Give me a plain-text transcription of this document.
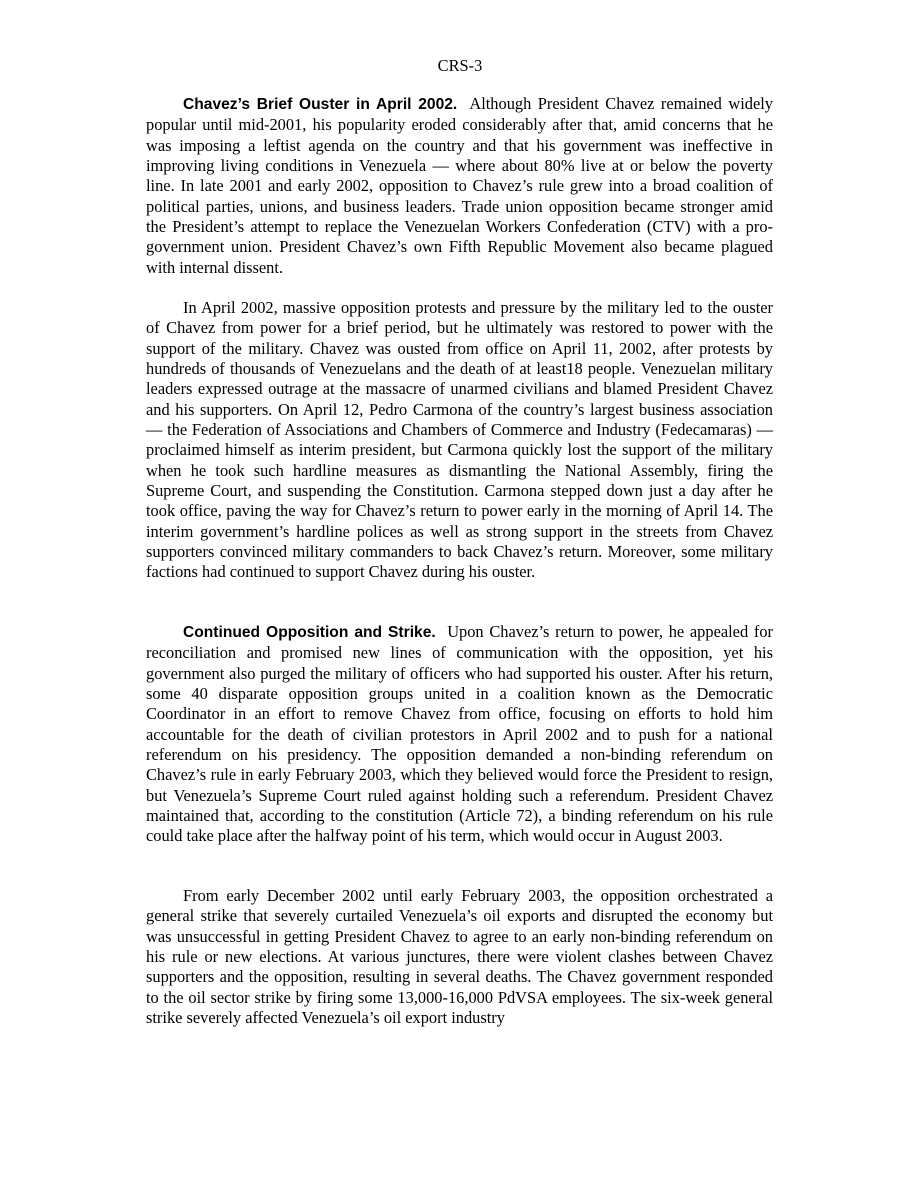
CRS-3

Chavez’s Brief Ouster in April 2002. Although President Chavez remained widely popular until mid-2001, his popularity eroded considerably after that, amid concerns that he was imposing a leftist agenda on the country and that his government was ineffective in improving living conditions in Venezuela — where about 80% live at or below the poverty line. In late 2001 and early 2002, opposition to Chavez’s rule grew into a broad coalition of political parties, unions, and business leaders. Trade union opposition became stronger amid the President’s attempt to replace the Venezuelan Workers Confederation (CTV) with a pro-government union. President Chavez’s own Fifth Republic Movement also became plagued with internal dissent.

In April 2002, massive opposition protests and pressure by the military led to the ouster of Chavez from power for a brief period, but he ultimately was restored to power with the support of the military. Chavez was ousted from office on April 11, 2002, after protests by hundreds of thousands of Venezuelans and the death of at least18 people. Venezuelan military leaders expressed outrage at the massacre of unarmed civilians and blamed President Chavez and his supporters. On April 12, Pedro Carmona of the country’s largest business association — the Federation of Associations and Chambers of Commerce and Industry (Fedecamaras) — proclaimed himself as interim president, but Carmona quickly lost the support of the military when he took such hardline measures as dismantling the National Assembly, firing the Supreme Court, and suspending the Constitution. Carmona stepped down just a day after he took office, paving the way for Chavez’s return to power early in the morning of April 14. The interim government’s hardline polices as well as strong support in the streets from Chavez supporters convinced military commanders to back Chavez’s return. Moreover, some military factions had continued to support Chavez during his ouster.

Continued Opposition and Strike. Upon Chavez’s return to power, he appealed for reconciliation and promised new lines of communication with the opposition, yet his government also purged the military of officers who had supported his ouster. After his return, some 40 disparate opposition groups united in a coalition known as the Democratic Coordinator in an effort to remove Chavez from office, focusing on efforts to hold him accountable for the death of civilian protestors in April 2002 and to push for a national referendum on his presidency. The opposition demanded a non-binding referendum on Chavez’s rule in early February 2003, which they believed would force the President to resign, but Venezuela’s Supreme Court ruled against holding such a referendum. President Chavez maintained that, according to the constitution (Article 72), a binding referendum on his rule could take place after the halfway point of his term, which would occur in August 2003.

From early December 2002 until early February 2003, the opposition orchestrated a general strike that severely curtailed Venezuela’s oil exports and disrupted the economy but was unsuccessful in getting President Chavez to agree to an early non-binding referendum on his rule or new elections. At various junctures, there were violent clashes between Chavez supporters and the opposition, resulting in several deaths. The Chavez government responded to the oil sector strike by firing some 13,000-16,000 PdVSA employees. The six-week general strike severely affected Venezuela’s oil export industry
